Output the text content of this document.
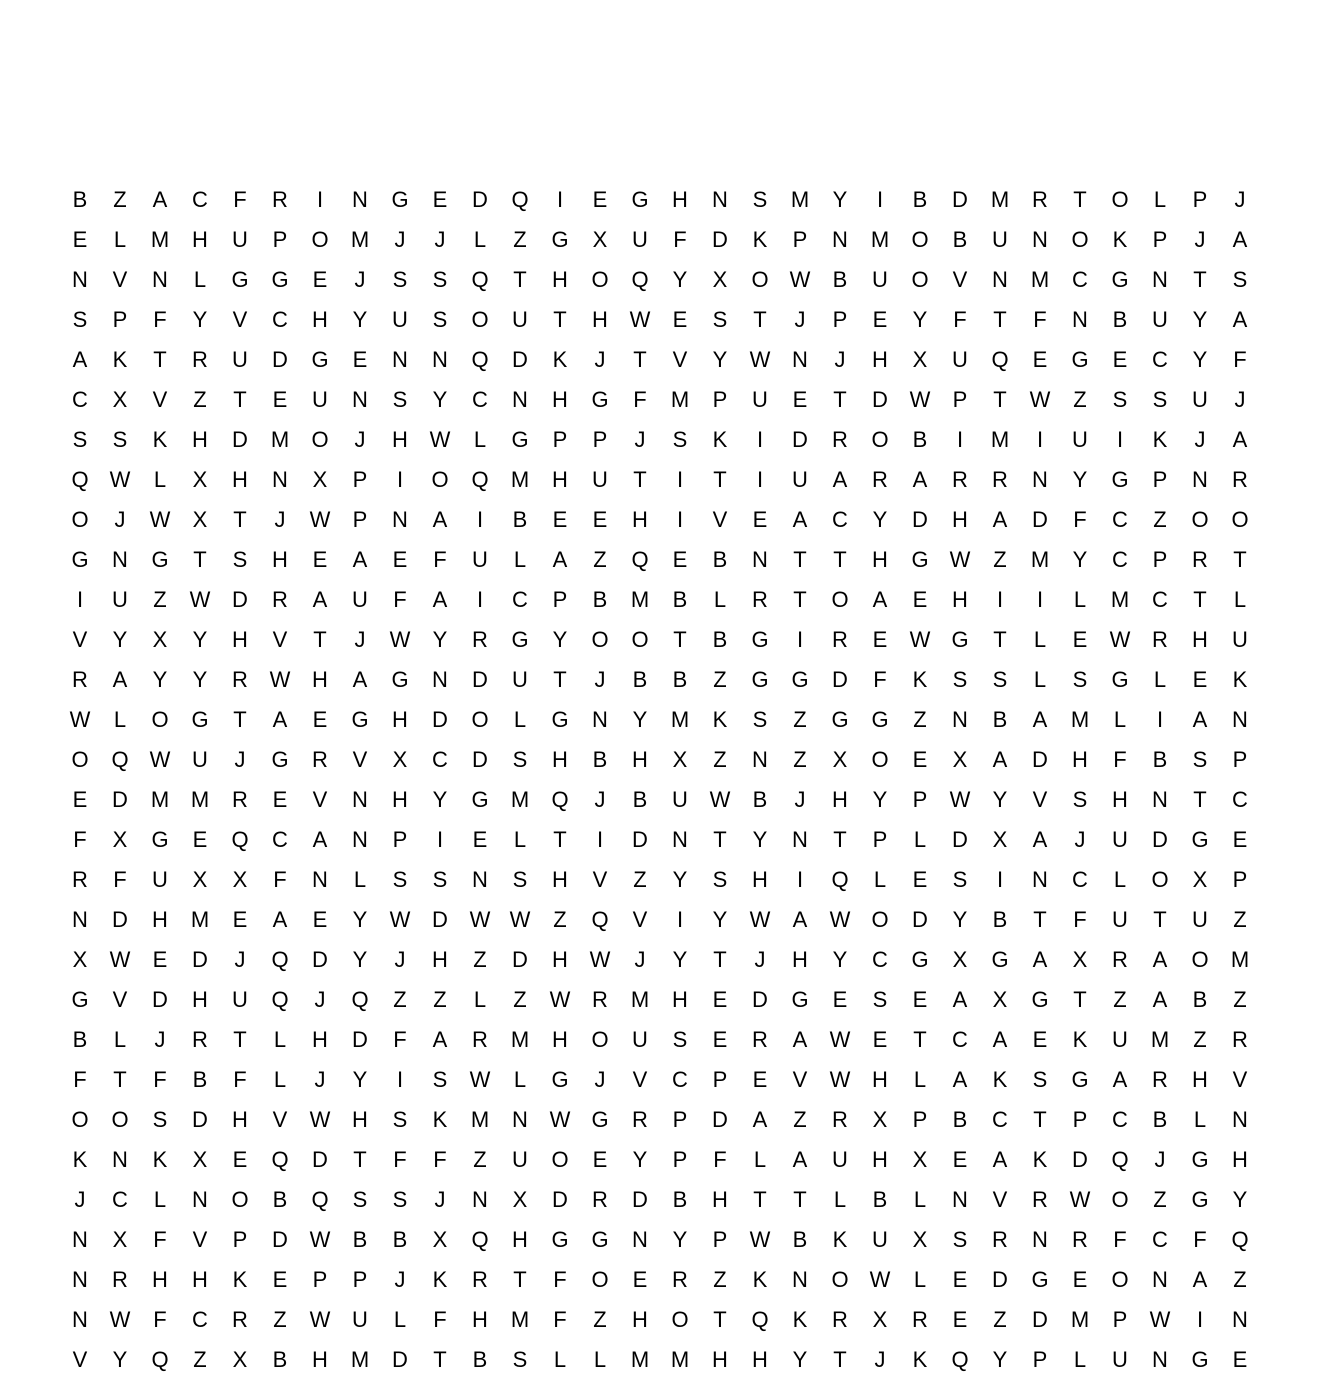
B	Z	A	C	F	R	I	N	G	E	D	Q	I	E	G	H	N	S	M	Y	I	B	D	M	R	T	O	L	P	J
E	L	M	H	U	P	O	M	J	J	L	Z	G	X	U	F	D	K	P	N	M	O	B	U	N	O	K	P	J	A
N	V	N	L	G	G	E	J	S	S	Q	T	H	O	Q	Y	X	O W	B	U	O	V	N	M	C	G	N	T	S
S	P	F	Y	V	C	H	Y	U	S	O	U	T	H W	E	S	T	J	P	E	Y	F	T	F	N	B	U	Y	A
A	K	T	R	U	D	G	E	N	N	Q	D	K	J	T	V	Y	W N	J	H	X	U	Q	E	G	E	C	Y	F
C	X	V	Z	T	E	U	N	S	Y	C	N	H	G	F	M	P	U	E	T	D W	P	T	W	Z	S	S	U	J
S	S	K	H	D	M	O	J	H W	L	G	P	P	J	S	K	I	D	R	O	B	I	M	I	U	I	K	J	A
Q W	L	X	H	N	X	P	I	O	Q	M	H	U	T	I	T	I	U	A	R	A	R	R	N	Y	G	P	N	R
O	J	W	X	T	J	W	P	N	A	I	B	E	E	H	I	V	E	A	C	Y	D	H	A	D	F	C	Z	O	O
G	N	G	T	S	H	E	A	E	F	U	L	A	Z	Q	E	B	N	T	T	H	G W	Z	M	Y	C	P	R	T
I	U	Z	W D	R	A	U	F	A	I	C	P	B	M	B	L	R	T	O	A	E	H	I	I	L	M	C	T	L
V	Y	X	Y	H	V	T	J	W	Y	R	G	Y	O	O	T	B	G	I	R	E	W G	T	L	E	W R	H	U
R	A	Y	Y	R W H	A	G	N	D	U	T	J	B	B	Z	G	G	D	F	K	S	S	L	S	G	L	E	K
W	L	O	G	T	A	E	G	H	D	O	L	G	N	Y	M	K	S	Z	G	G	Z	N	B	A	M	L	I	A	N
O	Q W U	J	G	R	V	X	C	D	S	H	B	H	X	Z	N	Z	X	O	E	X	A	D	H	F	B	S	P
E	D	M M	R	E	V	N	H	Y	G	M	Q	J	B	U W	B	J	H	Y	P	W	Y	V	S	H	N	T	C
F	X	G	E	Q	C	A	N	P	I	E	L	T	I	D	N	T	Y	N	T	P	L	D	X	A	J	U	D	G	E
R	F	U	X	X	F	N	L	S	S	N	S	H	V	Z	Y	S	H	I	Q	L	E	S	I	N	C	L	O	X	P
N	D	H	M	E	A	E	Y	W D W W	Z	Q	V	I	Y	W	A	W O	D	Y	B	T	F	U	T	U	Z
X	W	E	D	J	Q	D	Y	J	H	Z	D	H W	J	Y	T	J	H	Y	C	G	X	G	A	X	R	A	O	M
G	V	D	H	U	Q	J	Q	Z	Z	L	Z	W R	M	H	E	D	G	E	S	E	A	X	G	T	Z	A	B	Z
B	L	J	R	T	L	H	D	F	A	R	M	H	O	U	S	E	R	A	W	E	T	C	A	E	K	U	M	Z	R
F	T	F	B	F	L	J	Y	I	S	W	L	G	J	V	C	P	E	V	W H	L	A	K	S	G	A	R	H	V
O	O	S	D	H	V	W H	S	K	M	N W G	R	P	D	A	Z	R	X	P	B	C	T	P	C	B	L	N
K	N	K	X	E	Q	D	T	F	F	Z	U	O	E	Y	P	F	L	A	U	H	X	E	A	K	D	Q	J	G	H
J	C	L	N	O	B	Q	S	S	J	N	X	D	R	D	B	H	T	T	L	B	L	N	V	R W O	Z	G	Y
N	X	F	V	P	D W	B	B	X	Q	H	G	G	N	Y	P	W	B	K	U	X	S	R	N	R	F	C	F	Q
N	R	H	H	K	E	P	P	J	K	R	T	F	O	E	R	Z	K	N	O W	L	E	D	G	E	O	N	A	Z
N W	F	C	R	Z	W U	L	F	H	M	F	Z	H	O	T	Q	K	R	X	R	E	Z	D	M	P	W	I	N
V	Y	Q	Z	X	B	H	M	D	T	B	S	L	L	M M	H	H	Y	T	J	K	Q	Y	P	L	U	N	G	E
